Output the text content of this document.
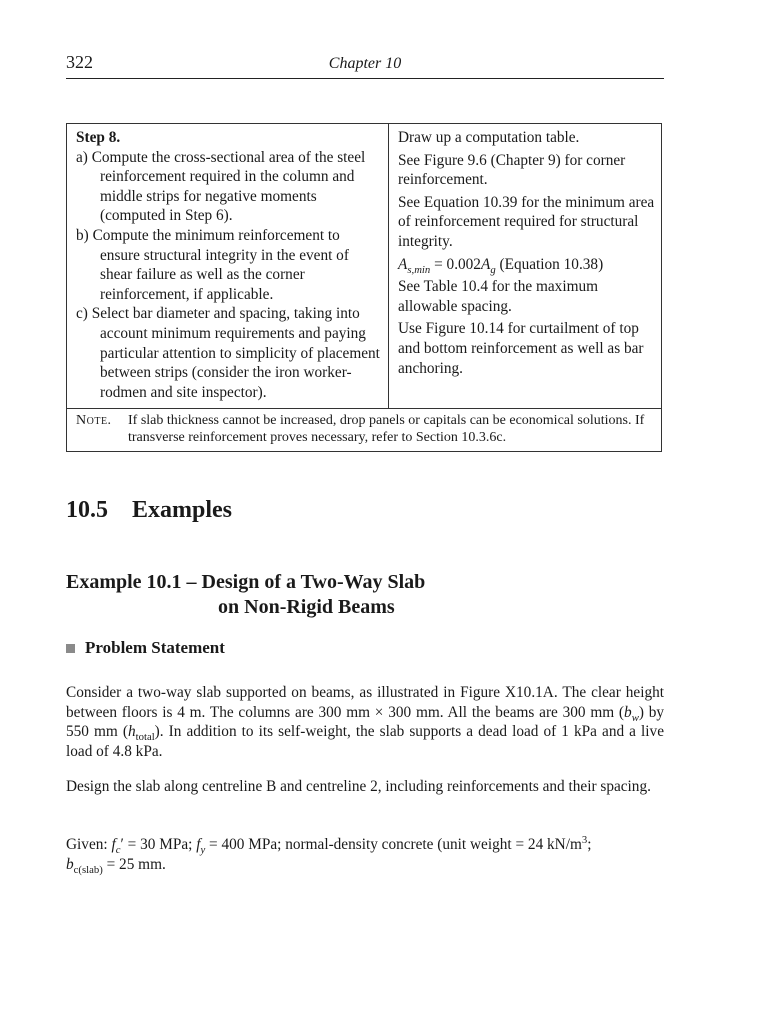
322	Chapter 10
Step 8.
a) Compute the cross-sectional area of the steel reinforcement required in the column and middle strips for negative moments (computed in Step 6).
b) Compute the minimum reinforcement to ensure structural integrity in the event of shear failure as well as the corner reinforcement, if applicable.
c) Select bar diameter and spacing, taking into account minimum requirements and paying particular attention to simplicity of placement between strips (consider the iron worker-rodmen and site inspector).
Draw up a computation table.
See Figure 9.6 (Chapter 9) for corner reinforcement.
See Equation 10.39 for the minimum area of reinforcement required for structural integrity.
$A_{s,min} = 0.002A_g$ (Equation 10.38)
See Table 10.4 for the maximum allowable spacing.
Use Figure 10.14 for curtailment of top and bottom reinforcement as well as bar anchoring.
Note.	If slab thickness cannot be increased, drop panels or capitals can be economical solutions. If transverse reinforcement proves necessary, refer to Section 10.3.6c.
10.5 Examples
Example 10.1 – Design of a Two-Way Slab
on Non-Rigid Beams
Problem Statement

Consider a two-way slab supported on beams, as illustrated in Figure X10.1A. The clear height between floors is 4 m. The columns are 300 mm × 300 mm. All the beams are 300 mm $(b_w)$ by 550 mm $(h_{total})$. In addition to its self-weight, the slab supports a dead load of 1 kPa and a live load of 4.8 kPa.

Design the slab along centreline B and centreline 2, including reinforcements and their spacing.

Given: $f_c' = 30$ MPa; $f_y = 400$ MPa; normal-density concrete (unit weight = 24 $kN/m^3$;
$b_{c(slab)} = 25$ mm.
